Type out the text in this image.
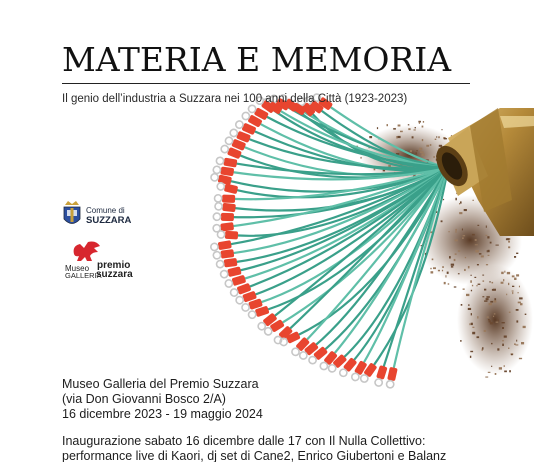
MATERIA E MEMORIA
Il genio dell’industria a Suzzara nei 100 anni della Città (1923-2023)
Comune di
SUZZARA
Museo premio
GALLERIA
suzzara
Museo Galleria del Premio Suzzara
(via Don Giovanni Bosco 2/A)
16 dicembre 2023 - 19 maggio 2024
Inaugurazione sabato 16 dicembre dalle 17 con Il Nulla Collettivo:
performance live di Kaori, dj set di Cane2, Enrico Giubertoni e Balanz
